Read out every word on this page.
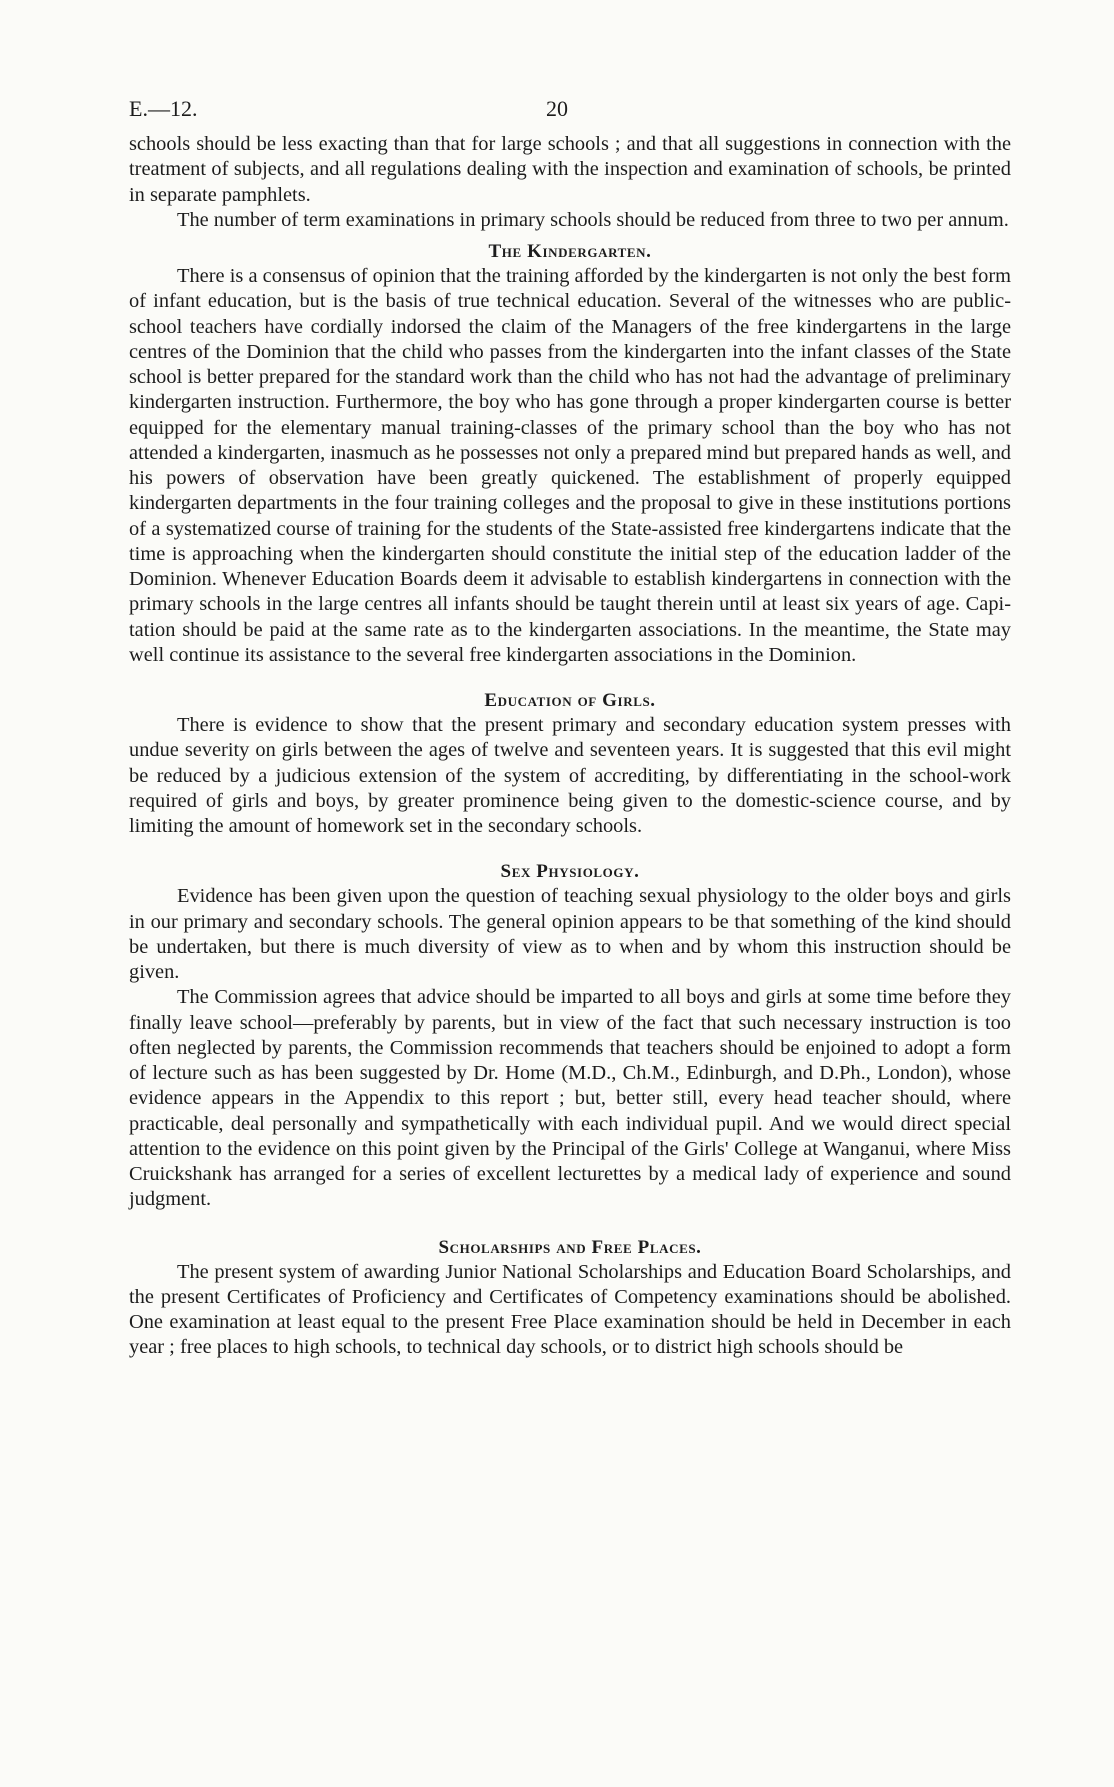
E.—12.	20

schools should be less exacting than that for large schools ; and that all suggestions in connection with the treatment of subjects, and all regulations dealing with the inspection and examination of schools, be printed in separate pamphlets.

The number of term examinations in primary schools should be reduced from three to two per annum.

The Kindergarten.

There is a consensus of opinion that the training afforded by the kindergarten is not only the best form of infant education, but is the basis of true technical education. Several of the witnesses who are public-school teachers have cordially indorsed the claim of the Managers of the free kindergartens in the large centres of the Dominion that the child who passes from the kindergarten into the infant classes of the State school is better prepared for the standard work than the child who has not had the advantage of preliminary kindergarten instruction. Furthermore, the boy who has gone through a proper kindergarten course is better equipped for the elementary manual training-classes of the primary school than the boy who has not attended a kindergarten, inasmuch as he possesses not only a prepared mind but prepared hands as well, and his powers of observation have been greatly quickened. The establishment of properly equipped kindergarten departments in the four training colleges and the proposal to give in these institutions portions of a systematized course of training for the students of the State-assisted free kindergartens indicate that the time is approaching when the kindergarten should constitute the initial step of the education ladder of the Dominion. Whenever Education Boards deem it advisable to establish kindergartens in connection with the primary schools in the large centres all infants should be taught therein until at least six years of age. Capitation should be paid at the same rate as to the kindergarten associations. In the meantime, the State may well continue its assistance to the several free kindergarten associations in the Dominion.

Education of Girls.

There is evidence to show that the present primary and secondary education system presses with undue severity on girls between the ages of twelve and seventeen years. It is suggested that this evil might be reduced by a judicious extension of the system of accrediting, by differentiating in the school-work required of girls and boys, by greater prominence being given to the domestic-science course, and by limiting the amount of homework set in the secondary schools.

Sex Physiology.

Evidence has been given upon the question of teaching sexual physiology to the older boys and girls in our primary and secondary schools. The general opinion appears to be that something of the kind should be undertaken, but there is much diversity of view as to when and by whom this instruction should be given.

The Commission agrees that advice should be imparted to all boys and girls at some time before they finally leave school—preferably by parents, but in view of the fact that such necessary instruction is too often neglected by parents, the Commission recommends that teachers should be enjoined to adopt a form of lecture such as has been suggested by Dr. Home (M.D., Ch.M., Edinburgh, and D.Ph., London), whose evidence appears in the Appendix to this report ; but, better still, every head teacher should, where practicable, deal personally and sympathetically with each individual pupil. And we would direct special attention to the evidence on this point given by the Principal of the Girls' College at Wanganui, where Miss Cruickshank has arranged for a series of excellent lecturettes by a medical lady of experience and sound judgment.

Scholarships and Free Places.

The present system of awarding Junior National Scholarships and Education Board Scholarships, and the present Certificates of Proficiency and Certificates of Competency examinations should be abolished. One examination at least equal to the present Free Place examination should be held in December in each year ; free places to high schools, to technical day schools, or to district high schools should be
